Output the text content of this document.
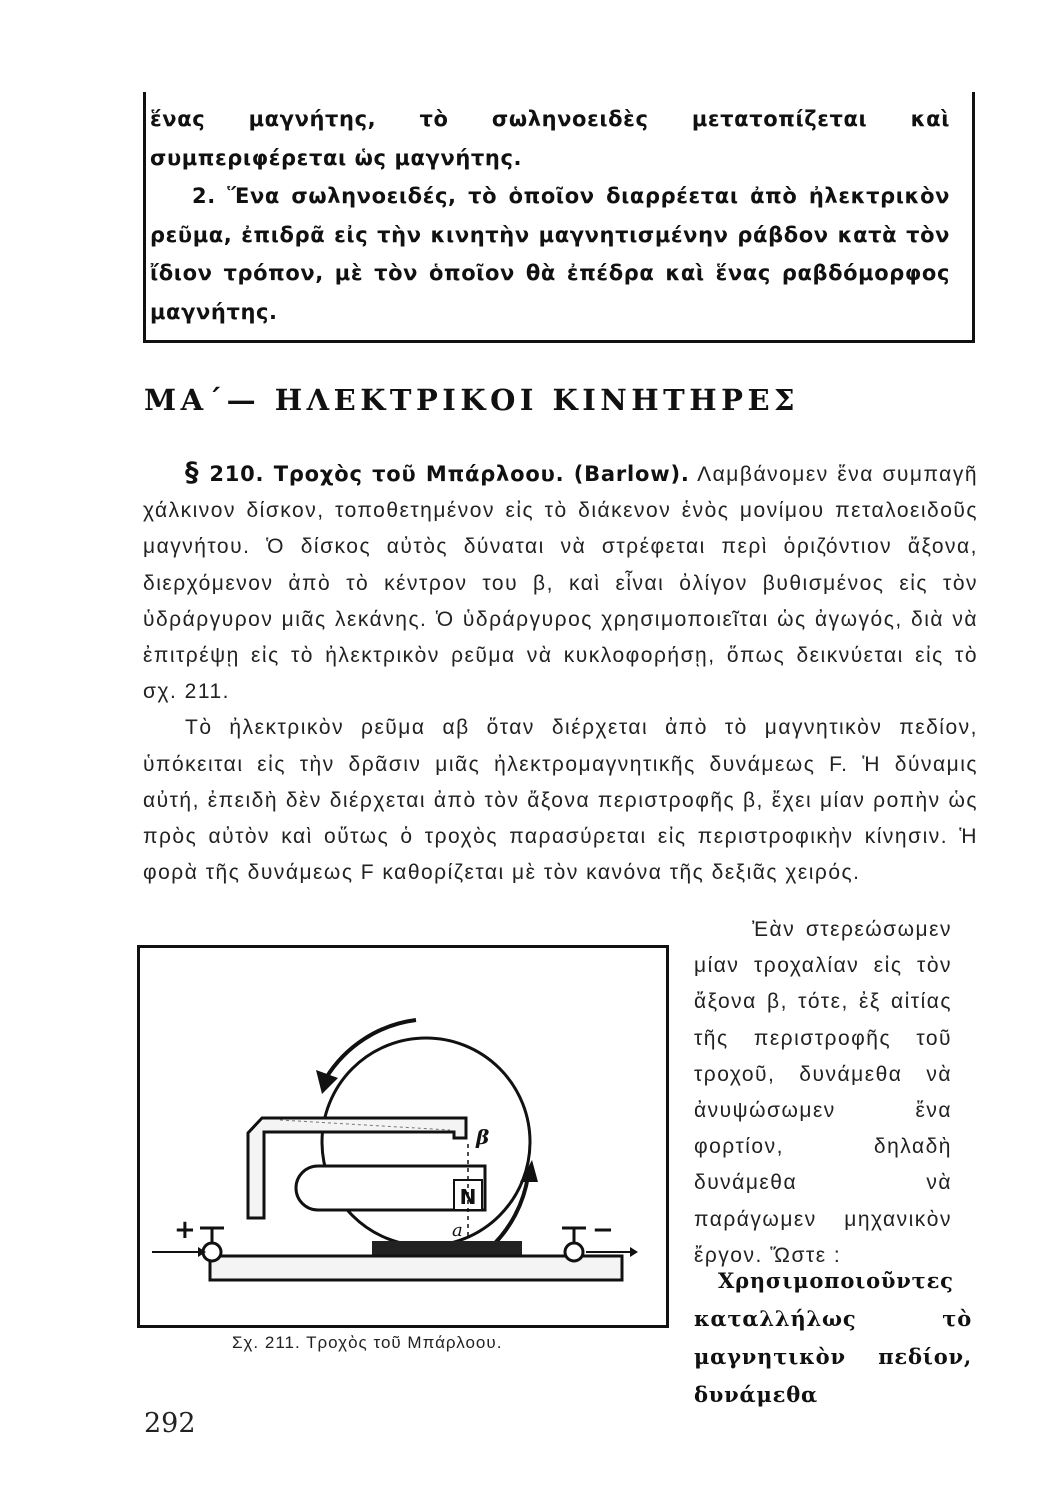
ἕνας μαγνήτης, τὸ σωληνοειδὲς μετατοπίζεται καὶ συμπεριφέρεται ὡς μαγνήτης.

2. Ἕνα σωληνοειδές, τὸ ὁποῖον διαρρέεται ἀπὸ ἠλεκτρικὸν ρεῦμα, ἐπιδρᾶ εἰς τὴν κινητὴν μαγνητισμένην ράβδον κατὰ τὸν ἴδιον τρόπον, μὲ τὸν ὁποῖον θὰ ἐπέδρα καὶ ἕνας ραβδόμορφος μαγνήτης.

ΜΑ΄— ΗΛΕΚΤΡΙΚΟΙ ΚΙΝΗΤΗΡΕΣ

§ 210. Τροχὸς τοῦ Μπάρλοου. (Barlow). Λαμβάνομεν ἕνα συμπαγῆ χάλκινον δίσκον, τοποθετημένον εἰς τὸ διάκενον ἑνὸς μονίμου πεταλοειδοῦς μαγνήτου. Ὁ δίσκος αὐτὸς δύναται νὰ στρέφεται περὶ ὁριζόντιον ἄξονα, διερχόμενον ἀπὸ τὸ κέντρον του β, καὶ εἶναι ὀλίγον βυθισμένος εἰς τὸν ὑδράργυρον μιᾶς λεκάνης. Ὁ ὑδράργυρος χρησιμοποιεῖται ὡς ἀγωγός, διὰ νὰ ἐπιτρέψῃ εἰς τὸ ἠλεκτρικὸν ρεῦμα νὰ κυκλοφορήσῃ, ὅπως δεικνύεται εἰς τὸ σχ. 211.

Τὸ ἠλεκτρικὸν ρεῦμα αβ ὅταν διέρχεται ἀπὸ τὸ μαγνητικὸν πεδίον, ὑπόκειται εἰς τὴν δρᾶσιν μιᾶς ἠλεκτρομαγνητικῆς δυνάμεως F. Ἡ δύναμις αὐτή, ἐπειδὴ δὲν διέρχεται ἀπὸ τὸν ἄξονα περιστροφῆς β, ἔχει μίαν ροπὴν ὡς πρὸς αὐτὸν καὶ οὕτως ὁ τροχὸς παρασύρεται εἰς περιστροφικὴν κίνησιν. Ἡ φορὰ τῆς δυνάμεως F καθορίζεται μὲ τὸν κανόνα τῆς δεξιᾶς χειρός.

β
N
a
+	−
Σχ. 211. Τροχὸς τοῦ Μπάρλοου.

Ἐὰν στερεώσωμεν μίαν τροχαλίαν εἰς τὸν ἄξονα β, τότε, ἐξ αἰτίας τῆς περιστροφῆς τοῦ τροχοῦ, δυνάμεθα νὰ ἀνυψώσωμεν ἕνα φορτίον, δηλαδὴ δυνάμεθα νὰ παράγωμεν μηχανικὸν ἔργον. Ὥστε :

Χρησιμοποιοῦντες καταλλήλως τὸ μαγνητικὸν πεδίον, δυνάμεθα

292
